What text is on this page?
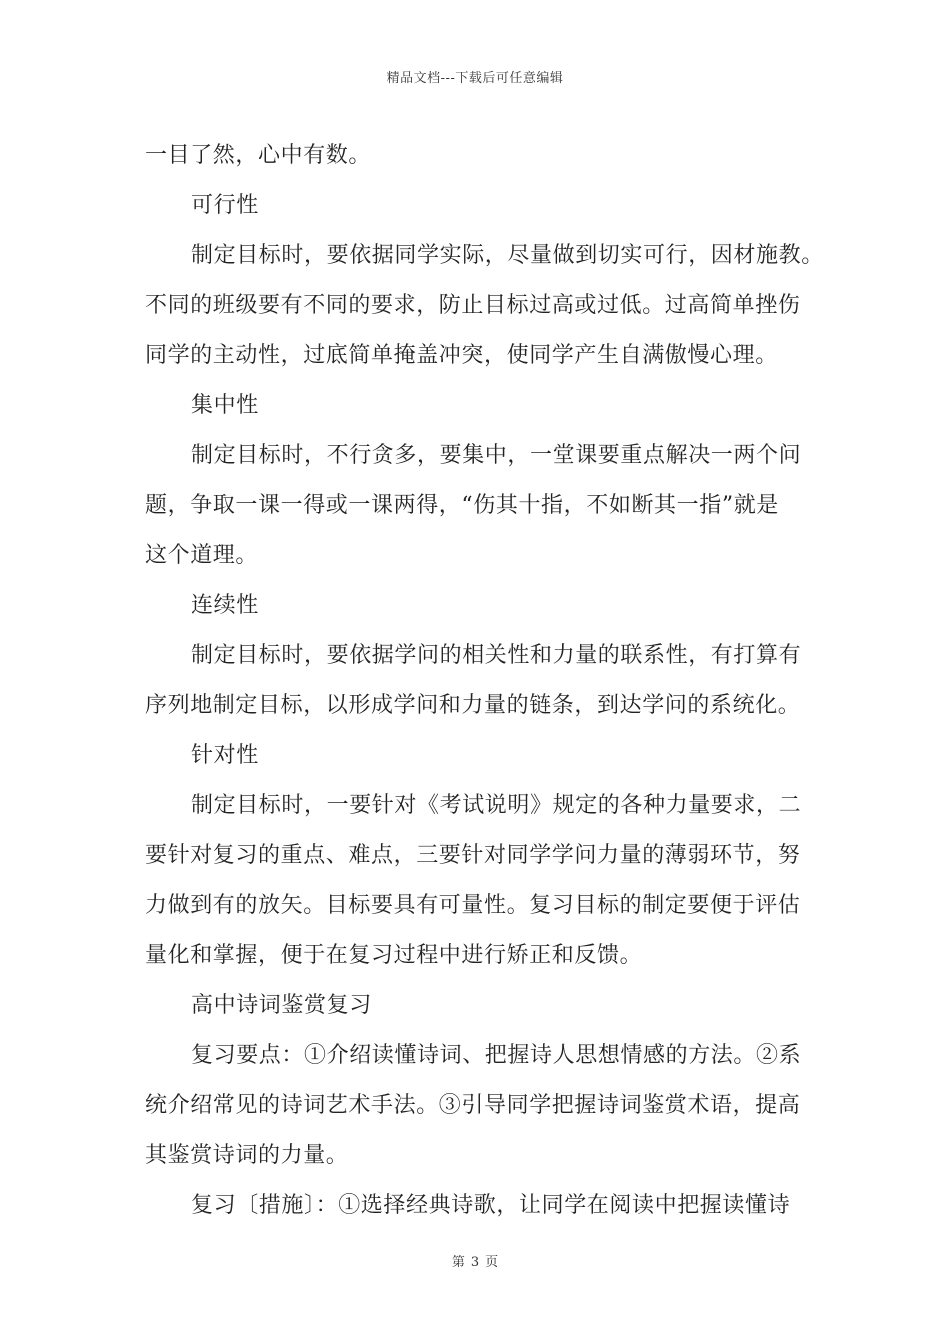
精品文档---下载后可任意编辑
一目了然，心中有数。
可行性
制定目标时，要依据同学实际，尽量做到切实可行，因材施教。
不同的班级要有不同的要求，防止目标过高或过低。过高简单挫伤
同学的主动性，过底简单掩盖冲突，使同学产生自满傲慢心理。
集中性
制定目标时，不行贪多，要集中，一堂课要重点解决一两个问
题，争取一课一得或一课两得，“伤其十指，不如断其一指”就是
这个道理。
连续性
制定目标时，要依据学问的相关性和力量的联系性，有打算有
序列地制定目标，以形成学问和力量的链条，到达学问的系统化。
针对性
制定目标时，一要针对《考试说明》规定的各种力量要求，二
要针对复习的重点、难点，三要针对同学学问力量的薄弱环节，努
力做到有的放矢。目标要具有可量性。复习目标的制定要便于评估
量化和掌握，便于在复习过程中进行矫正和反馈。
高中诗词鉴赏复习
复习要点：①介绍读懂诗词、把握诗人思想情感的方法。②系
统介绍常见的诗词艺术手法。③引导同学把握诗词鉴赏术语，提高
其鉴赏诗词的力量。
复习〔措施〕：①选择经典诗歌，让同学在阅读中把握读懂诗
第 3 页
